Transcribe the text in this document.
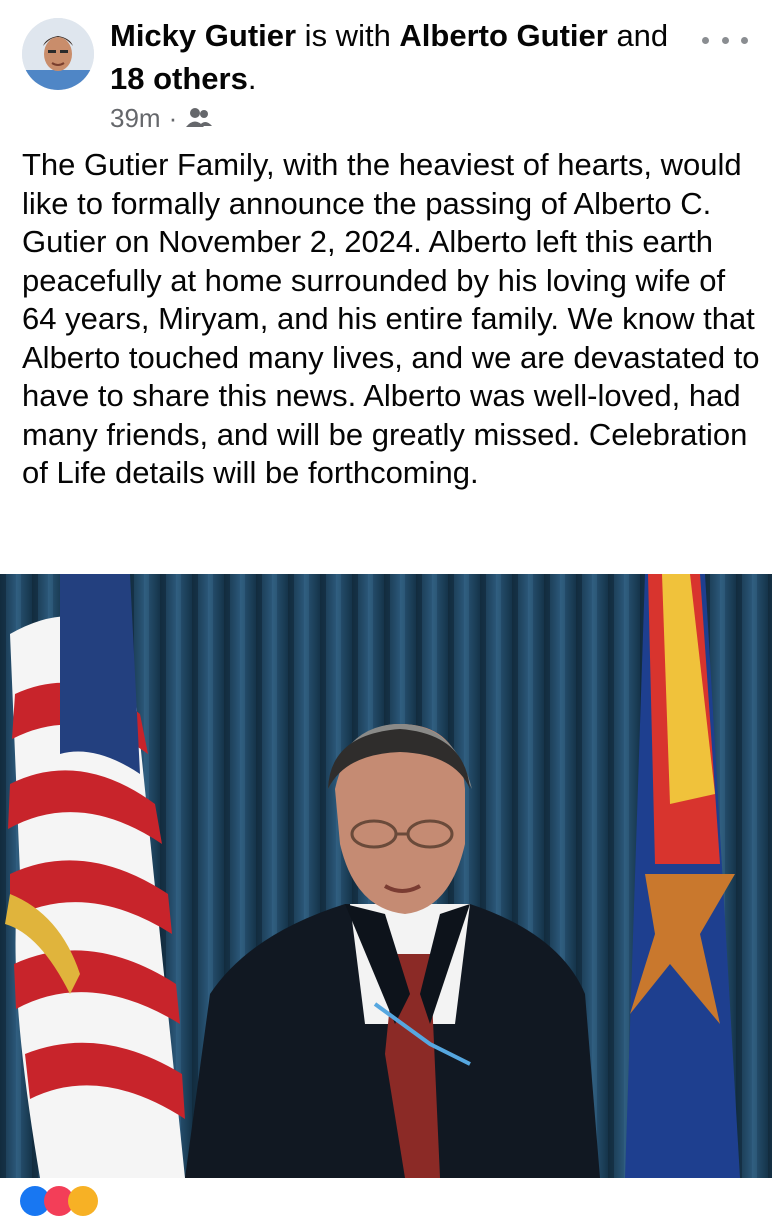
Micky Gutier is with Alberto Gutier and 18 others.
39m ·
The Gutier Family, with the heaviest of hearts, would like to formally announce the passing of Alberto C. Gutier on November 2, 2024. Alberto left this earth peacefully at home surrounded by his loving wife of 64 years, Miryam, and his entire family. We know that Alberto touched many lives, and we are devastated to have to share this news. Alberto was well-loved, had many friends, and will be greatly missed. Celebration of Life details will be forthcoming.
